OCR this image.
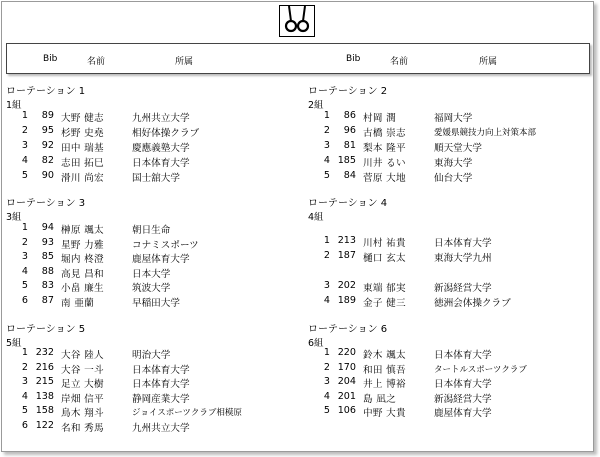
Bib	名前	所属	Bib	名前	所属
ローテーション 1
1組
1	89 大野 健志	九州共立大学
2	95 杉野 史堯	相好体操クラブ
3	92 田中 瑞基	慶應義塾大学
4	82 志田 拓巳	日本体育大学
5	90 滑川 尚宏	国士舘大学
ローテーション 2
2組
1	86 村岡 潤	福岡大学
2	96 古橋 崇志	愛媛県競技力向上対策本部
3	81 梨本 隆平	順天堂大学
4 185 川井 るい	東海大学
5	84 菅原 大地	仙台大学
ローテーション 3
3組
1	94 榊原 颯太	朝日生命
2	93 星野 力雅	コナミスポーツ
3	85 堀内 柊澄	鹿屋体育大学
4	88 高見 昌和	日本大学
5	83 小畠 廉生	筑波大学
6	87 南 亜蘭	早稲田大学
ローテーション 4
4組
1 213 川村 祐貴	日本体育大学
2 187 樋口 玄太	東海大学九州
3 202 東端 郁実	新潟経営大学
4 189 金子 健三	徳洲会体操クラブ
ローテーション 5
5組
1 232 大谷 陸人	明治大学
2 216 大谷 一斗	日本体育大学
3 215 足立 大樹	日本体育大学
4 138 岸畑 信平	静岡産業大学
5 158 鳥木 翔斗	ジョイスポーツクラブ相模原
6 122 名和 秀馬	九州共立大学
ローテーション 6
6組
1 220 鈴木 颯太	日本体育大学
2 170 和田 慎吾	タートルスポーツクラブ
3 204 井上 博裕	日本体育大学
4 201 島 凪之	新潟経営大学
5 106 中野 大貴	鹿屋体育大学
